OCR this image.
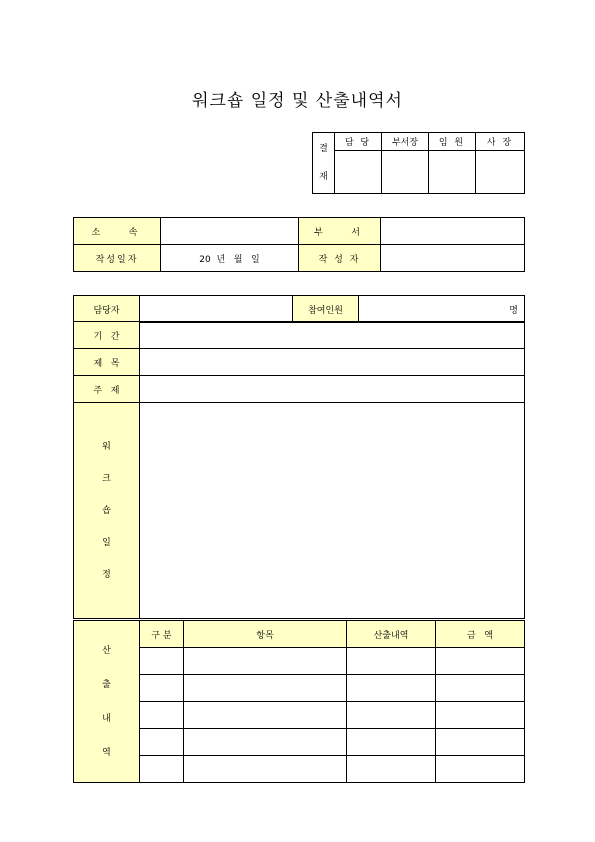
워크숍 일정 및 산출내역서
결
재	담 당	부서장	임 원	사 장

소   속		부   서	
작성일자	20  년   월   일	작 성 자	
담당자		참여인원	명
기   간	
제   목	
주   제	

워
크
숍
일
정	

산
출
내
역	구 분	항목	산출내역	금   액
